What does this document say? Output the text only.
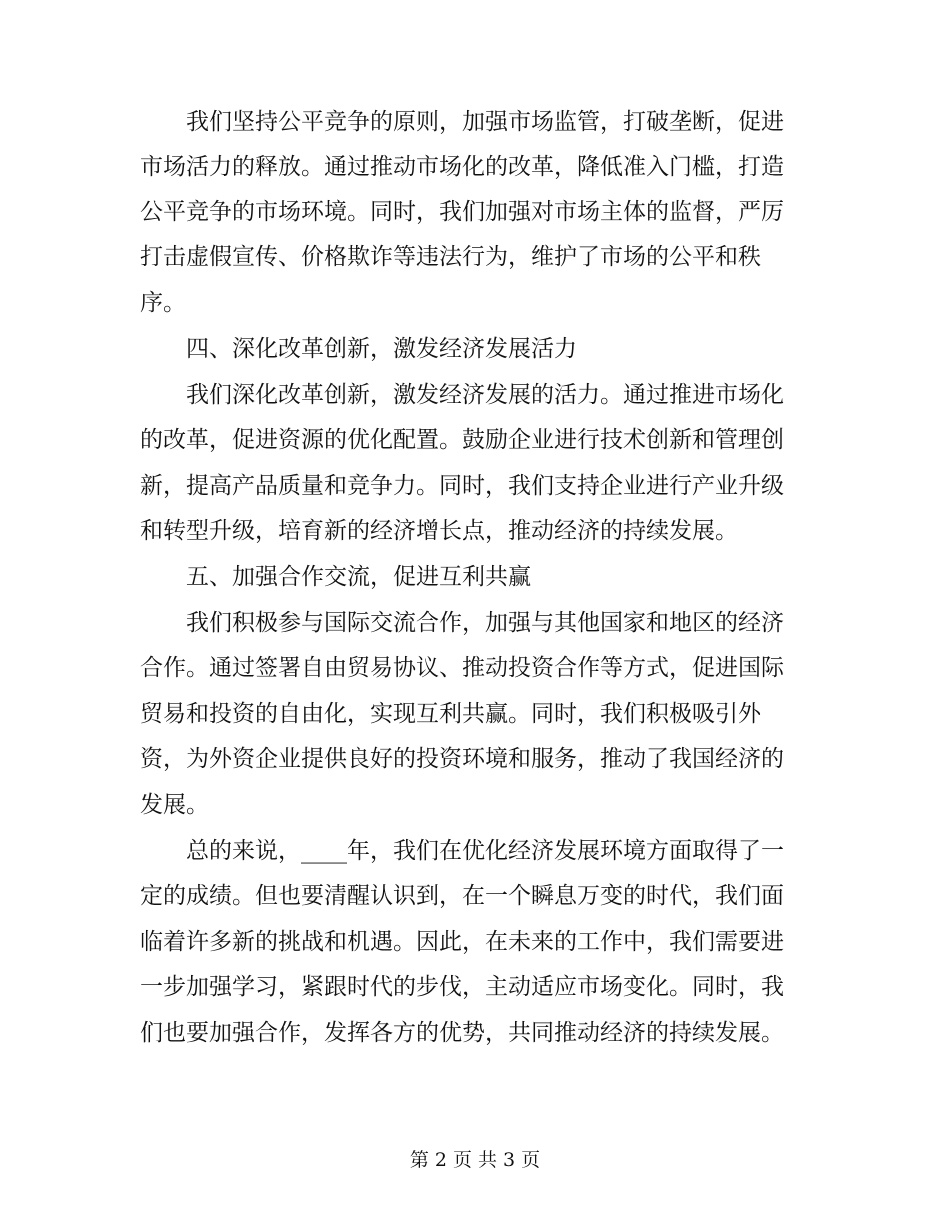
我们坚持公平竞争的原则，加强市场监管，打破垄断，促进
市场活力的释放。通过推动市场化的改革，降低准入门槛，打造
公平竞争的市场环境。同时，我们加强对市场主体的监督，严厉
打击虚假宣传、价格欺诈等违法行为，维护了市场的公平和秩
序。
四、深化改革创新，激发经济发展活力
我们深化改革创新，激发经济发展的活力。通过推进市场化
的改革，促进资源的优化配置。鼓励企业进行技术创新和管理创
新，提高产品质量和竞争力。同时，我们支持企业进行产业升级
和转型升级，培育新的经济增长点，推动经济的持续发展。
五、加强合作交流，促进互利共赢
我们积极参与国际交流合作，加强与其他国家和地区的经济
合作。通过签署自由贸易协议、推动投资合作等方式，促进国际
贸易和投资的自由化，实现互利共赢。同时，我们积极吸引外
资，为外资企业提供良好的投资环境和服务，推动了我国经济的
发展。
总的来说，____年，我们在优化经济发展环境方面取得了一
定的成绩。但也要清醒认识到，在一个瞬息万变的时代，我们面
临着许多新的挑战和机遇。因此，在未来的工作中，我们需要进
一步加强学习，紧跟时代的步伐，主动适应市场变化。同时，我
们也要加强合作，发挥各方的优势，共同推动经济的持续发展。
第 2 页 共 3 页
